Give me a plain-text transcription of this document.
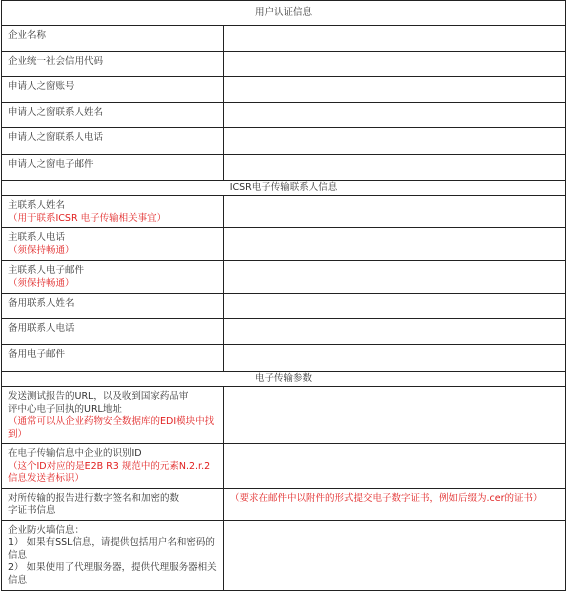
用户认证信息	

企业名称	

企业统一社会信用代码	

申请人之窗账号	

申请人之窗联系人姓名	

申请人之窗联系人电话	

申请人之窗电子邮件	

ICSR电子传输联系人信息	

主联系人姓名
（用于联系ICSR 电子传输相关事宜）	

主联系人电话
（须保持畅通）	

主联系人电子邮件
（须保持畅通）	

备用联系人姓名	

备用联系人电话	

备用电子邮件	

电子传输参数	

发送测试报告的URL，以及收到国家药品审
评中心电子回执的URL地址
（通常可以从企业药物安全数据库的EDI模块中找到）	

在电子传输信息中企业的识别ID
（这个ID对应的是E2B R3 规范中的元素N.2.r.2信息发送者标识）	

对所传输的报告进行数字签名和加密的数
字证书信息	（要求在邮件中以附件的形式提交电子数字证书，例如后缀为.cer的证书）

企业防火墙信息：
1） 如果有SSL信息，请提供包括用户名和密码的信息
2） 如果使用了代理服务器，提供代理服务器相关信息	
